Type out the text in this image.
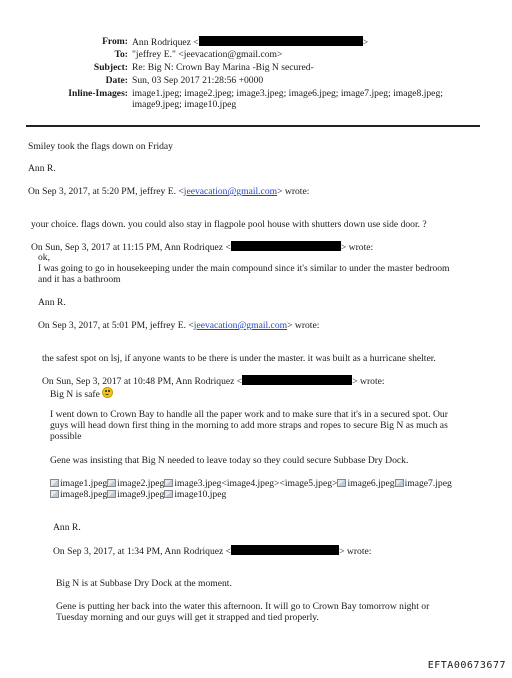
From: Ann Rodriquez <	>
To: "jeffrey E." <jeevacation@gmail.com>
Subject: Re: Big N: Crown Bay Marina -Big N secured-
Date: Sun, 03 Sep 2017 21:28:56 +0000
Inline-Images: image1.jpeg; image2.jpeg; image3.jpeg; image6.jpeg; image7.jpeg; image8.jpeg;
image9.jpeg; image10.jpeg
Smiley took the flags down on Friday
Ann R.
On Sep 3, 2017, at 5:20 PM, jeffrey E. <jeevacation@gmail.com> wrote:
your choice. flags down. you could also stay in flagpole pool house with shutters down use side door. ?
On Sun, Sep 3, 2017 at 11:15 PM, Ann Rodriquez <	> wrote:
ok,
I was going to go in housekeeping under the main compound since it's similar to under the master bedroom
and it has a bathroom
Ann R.
On Sep 3, 2017, at 5:01 PM, jeffrey E. <jeevacation@gmail.com> wrote:
the safest spot on lsj, if anyone wants to be there is under the master. it was built as a hurricane shelter.
On Sun, Sep 3, 2017 at 10:48 PM, Ann Rodriquez <	> wrote:
Big N is safe
I went down to Crown Bay to handle all the paper work and to make sure that it's in a secured spot. Our
guys will head down first thing in the morning to add more straps and ropes to secure Big N as much as
possible
Gene was insisting that Big N needed to leave today so they could secure Subbase Dry Dock.
image1.jpeg image2.jpeg image3.jpeg<image4.jpeg><image5.jpeg> image6.jpeg image7.jpeg
image8.jpeg image9.jpeg image10.jpeg
Ann R.
On Sep 3, 2017, at 1:34 PM, Ann Rodriquez <	> wrote:
Big N is at Subbase Dry Dock at the moment.
Gene is putting her back into the water this afternoon. It will go to Crown Bay tomorrow night or
Tuesday morning and our guys will get it strapped and tied properly.
EFTA00673677
